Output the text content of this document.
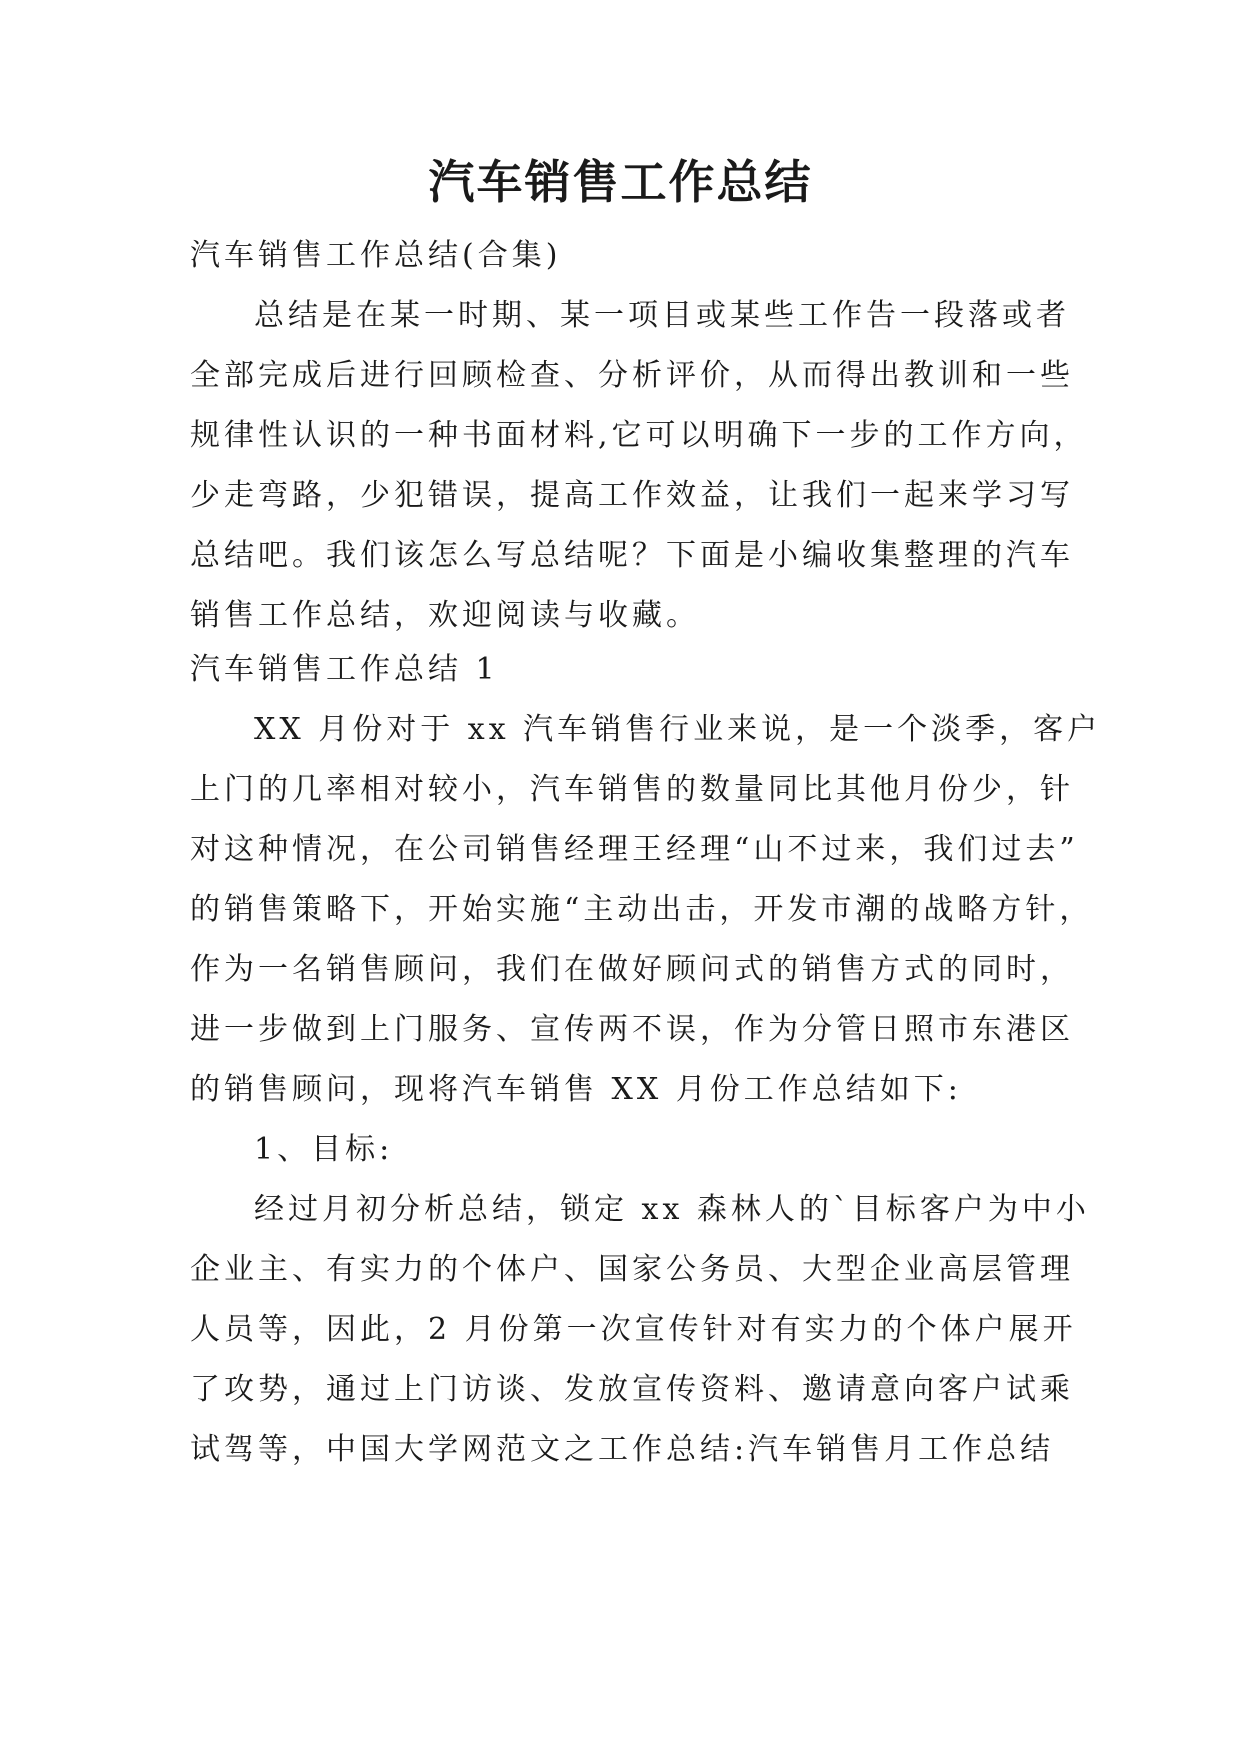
汽车销售工作总结
汽车销售工作总结(合集)
总结是在某一时期、某一项目或某些工作告一段落或者
全部完成后进行回顾检查、分析评价，从而得出教训和一些
规律性认识的一种书面材料,它可以明确下一步的工作方向，
少走弯路，少犯错误，提高工作效益，让我们一起来学习写
总结吧。我们该怎么写总结呢？下面是小编收集整理的汽车
销售工作总结，欢迎阅读与收藏。
汽车销售工作总结 1
XX 月份对于 xx 汽车销售行业来说，是一个淡季，客户
上门的几率相对较小，汽车销售的数量同比其他月份少，针
对这种情况，在公司销售经理王经理“山不过来，我们过去”
的销售策略下，开始实施“主动出击，开发市潮的战略方针，
作为一名销售顾问，我们在做好顾问式的销售方式的同时，
进一步做到上门服务、宣传两不误，作为分管日照市东港区
的销售顾问，现将汽车销售 XX 月份工作总结如下:
1、目标:
经过月初分析总结，锁定 xx 森林人的`目标客户为中小
企业主、有实力的个体户、国家公务员、大型企业高层管理
人员等，因此，2 月份第一次宣传针对有实力的个体户展开
了攻势，通过上门访谈、发放宣传资料、邀请意向客户试乘
试驾等，中国大学网范文之工作总结:汽车销售月工作总结
